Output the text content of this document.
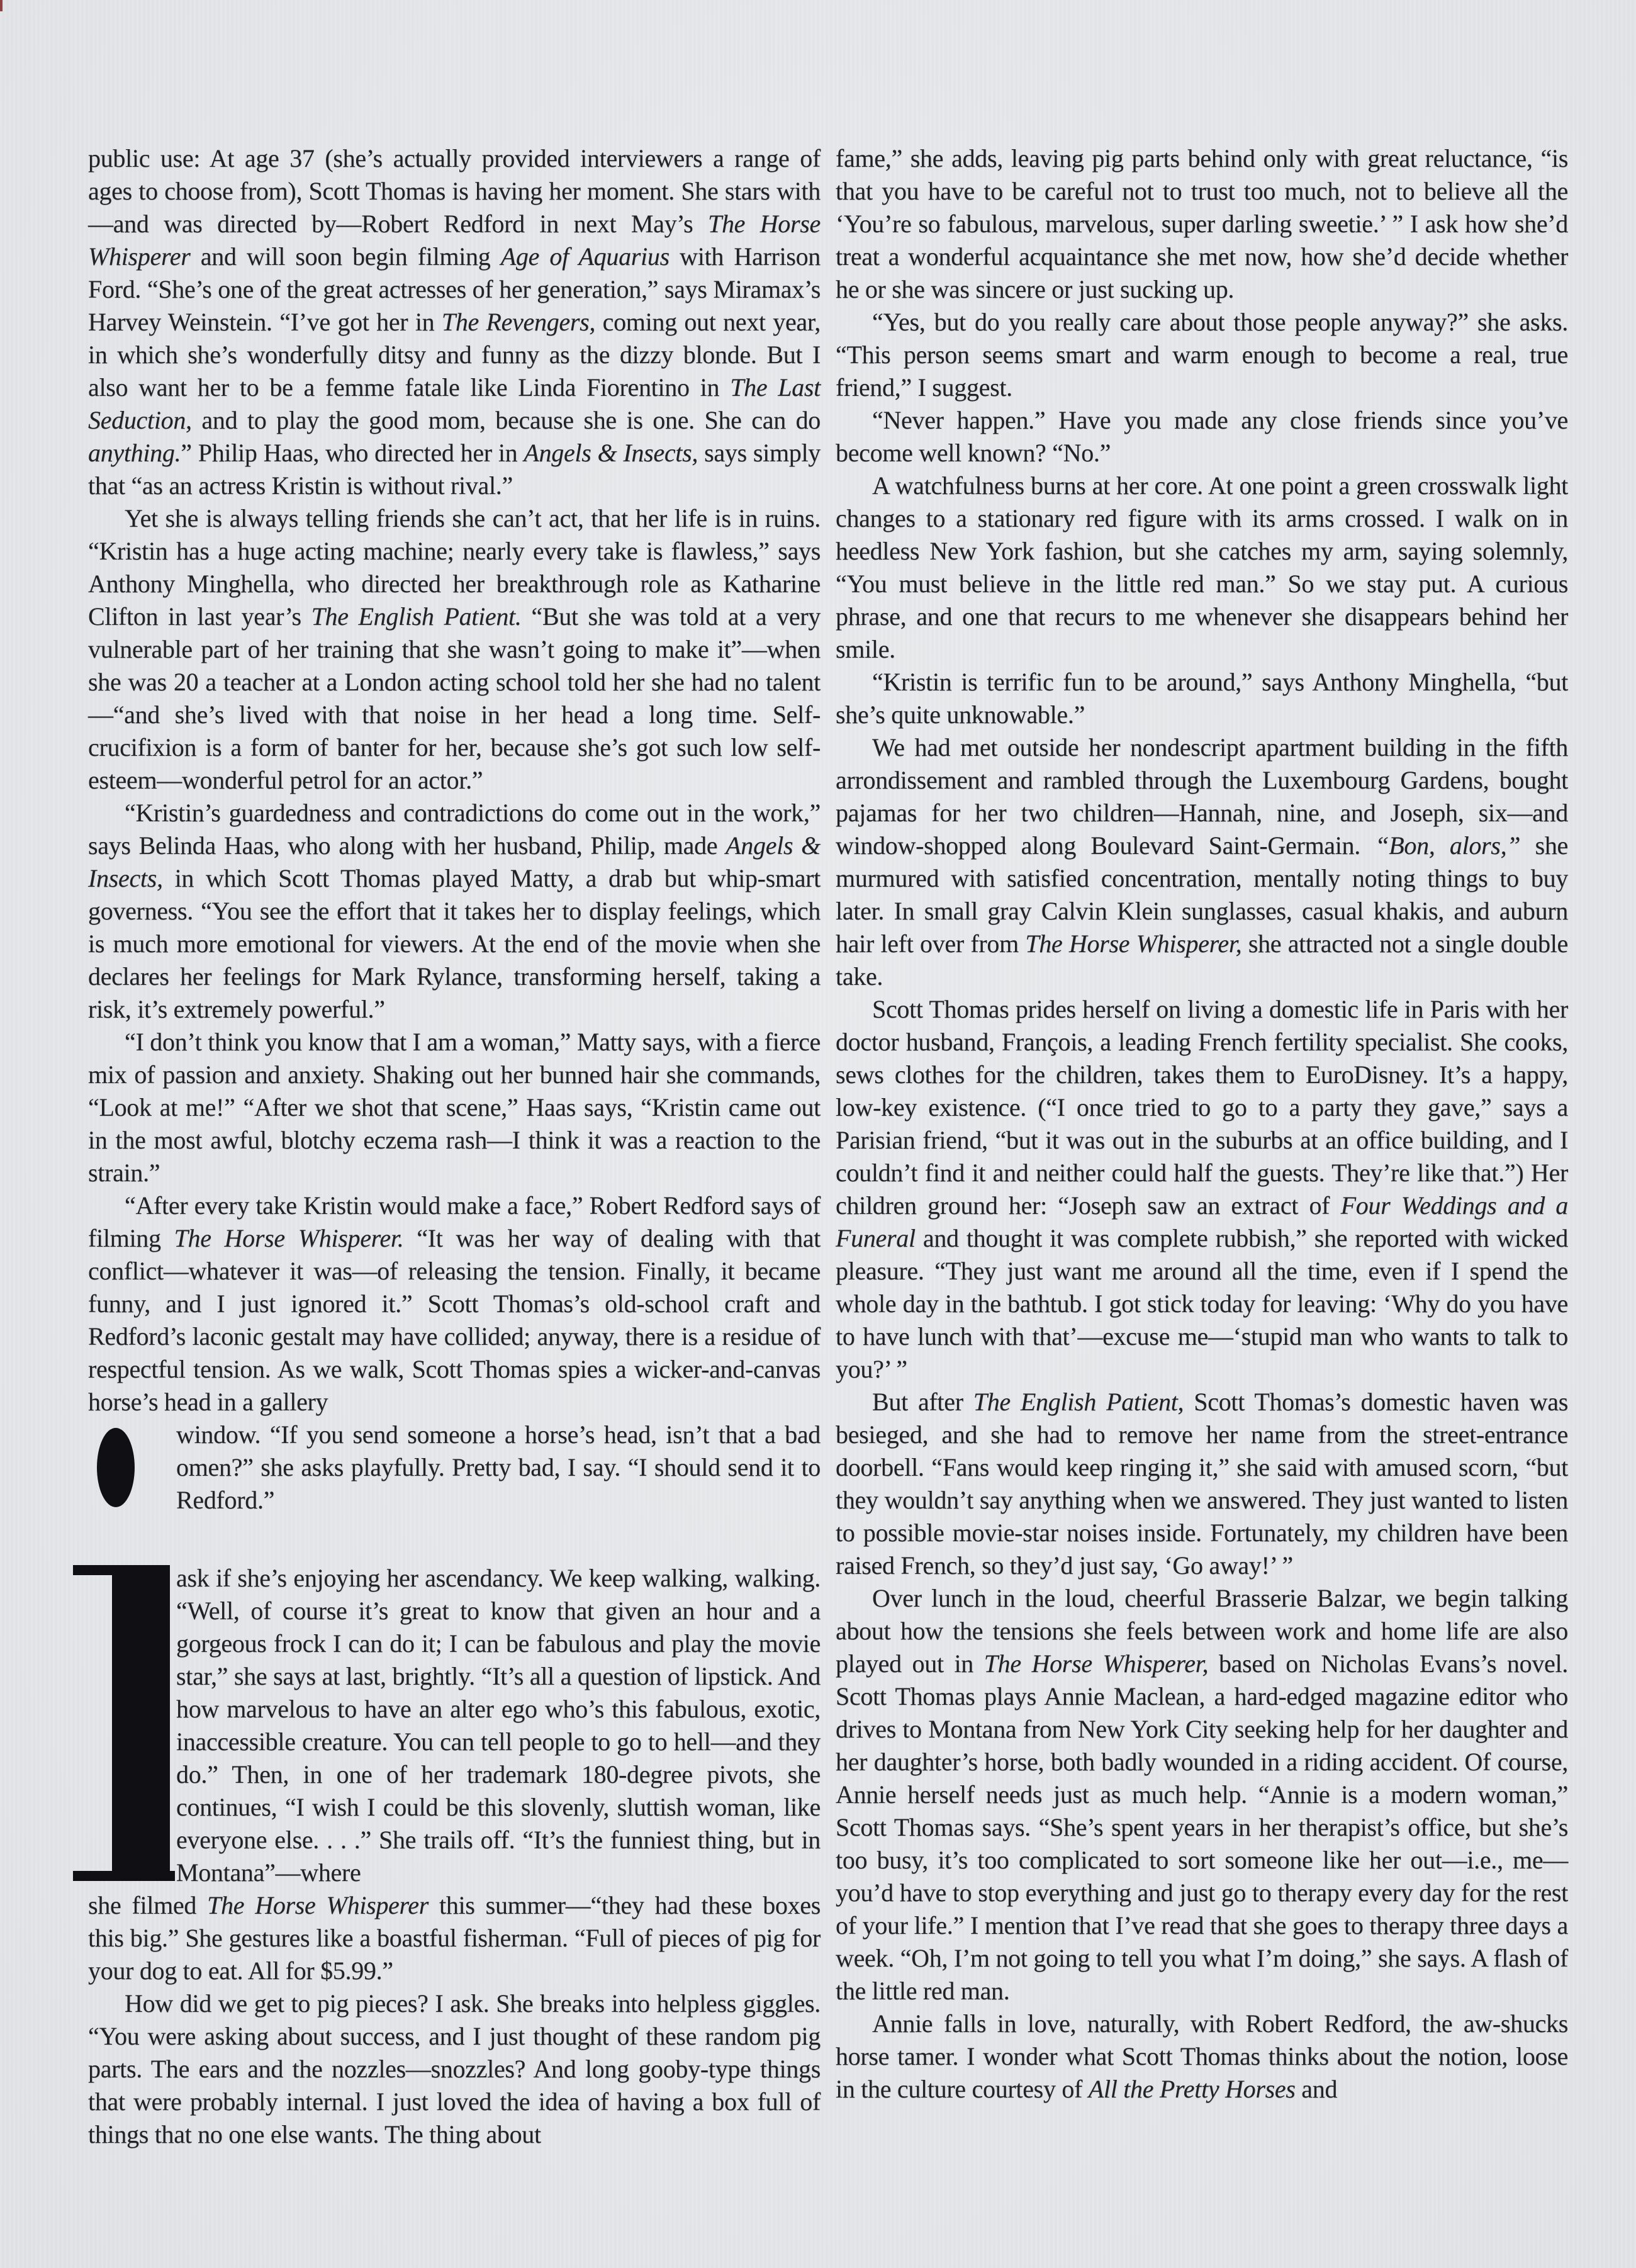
public use: At age 37 (she’s actually provided interviewers a range of ages to choose from), Scott Thomas is having her moment. She stars with—and was directed by—Robert Redford in next May’s The Horse Whisperer and will soon begin filming Age of Aquarius with Harrison Ford. “She’s one of the great actresses of her generation,” says Miramax’s Harvey Weinstein. “I’ve got her in The Revengers, coming out next year, in which she’s wonderfully ditsy and funny as the dizzy blonde. But I also want her to be a femme fatale like Linda Fiorentino in The Last Seduction, and to play the good mom, because she is one. She can do anything.” Philip Haas, who directed her in Angels & Insects, says simply that “as an actress Kristin is without rival.”

Yet she is always telling friends she can’t act, that her life is in ruins. “Kristin has a huge acting machine; nearly every take is flawless,” says Anthony Minghella, who directed her breakthrough role as Katharine Clifton in last year’s The English Patient. “But she was told at a very vulnerable part of her training that she wasn’t going to make it”—when she was 20 a teacher at a London acting school told her she had no talent—“and she’s lived with that noise in her head a long time. Self-crucifixion is a form of banter for her, because she’s got such low self-esteem—wonderful petrol for an actor.”

“Kristin’s guardedness and contradictions do come out in the work,” says Belinda Haas, who along with her husband, Philip, made Angels & Insects, in which Scott Thomas played Matty, a drab but whip-smart governess. “You see the effort that it takes her to display feelings, which is much more emotional for viewers. At the end of the movie when she declares her feelings for Mark Rylance, transforming herself, taking a risk, it’s extremely powerful.”

“I don’t think you know that I am a woman,” Matty says, with a fierce mix of passion and anxiety. Shaking out her bunned hair she commands, “Look at me!” “After we shot that scene,” Haas says, “Kristin came out in the most awful, blotchy eczema rash—I think it was a reaction to the strain.”

“After every take Kristin would make a face,” Robert Redford says of filming The Horse Whisperer. “It was her way of dealing with that conflict—whatever it was—of releasing the tension. Finally, it became funny, and I just ignored it.” Scott Thomas’s old-school craft and Redford’s laconic gestalt may have collided; anyway, there is a residue of respectful tension. As we walk, Scott Thomas spies a wicker-and-canvas horse’s head in a gallery

window. “If you send someone a horse’s head, isn’t that a bad omen?” she asks playfully. Pretty bad, I say. “I should send it to Redford.”

ask if she’s enjoying her ascendancy. We keep walking, walking. “Well, of course it’s great to know that given an hour and a gorgeous frock I can do it; I can be fabulous and play the movie star,” she says at last, brightly. “It’s all a question of lipstick. And how marvelous to have an alter ego who’s this fabulous, exotic, inaccessible creature. You can tell people to go to hell—and they do.” Then, in one of her trademark 180-degree pivots, she continues, “I wish I could be this slovenly, sluttish woman, like everyone else. . . .” She trails off. “It’s the funniest thing, but in Montana”—where

she filmed The Horse Whisperer this summer—“they had these boxes this big.” She gestures like a boastful fisherman. “Full of pieces of pig for your dog to eat. All for $5.99.”

How did we get to pig pieces? I ask. She breaks into helpless giggles. “You were asking about success, and I just thought of these random pig parts. The ears and the nozzles—snozzles? And long gooby-type things that were probably internal. I just loved the idea of having a box full of things that no one else wants. The thing about

fame,” she adds, leaving pig parts behind only with great reluctance, “is that you have to be careful not to trust too much, not to believe all the ‘You’re so fabulous, marvelous, super darling sweetie.’ ” I ask how she’d treat a wonderful acquaintance she met now, how she’d decide whether he or she was sincere or just sucking up.

“Yes, but do you really care about those people anyway?” she asks. “This person seems smart and warm enough to become a real, true friend,” I suggest.

“Never happen.” Have you made any close friends since you’ve become well known? “No.”

A watchfulness burns at her core. At one point a green crosswalk light changes to a stationary red figure with its arms crossed. I walk on in heedless New York fashion, but she catches my arm, saying solemnly, “You must believe in the little red man.” So we stay put. A curious phrase, and one that recurs to me whenever she disappears behind her smile.

“Kristin is terrific fun to be around,” says Anthony Minghella, “but she’s quite unknowable.”

We had met outside her nondescript apartment building in the fifth arrondissement and rambled through the Luxembourg Gardens, bought pajamas for her two children—Hannah, nine, and Joseph, six—and window-shopped along Boulevard Saint-Germain. “Bon, alors,” she murmured with satisfied concentration, mentally noting things to buy later. In small gray Calvin Klein sunglasses, casual khakis, and auburn hair left over from The Horse Whisperer, she attracted not a single double take.

Scott Thomas prides herself on living a domestic life in Paris with her doctor husband, François, a leading French fertility specialist. She cooks, sews clothes for the children, takes them to EuroDisney. It’s a happy, low-key existence. (“I once tried to go to a party they gave,” says a Parisian friend, “but it was out in the suburbs at an office building, and I couldn’t find it and neither could half the guests. They’re like that.”) Her children ground her: “Joseph saw an extract of Four Weddings and a Funeral and thought it was complete rubbish,” she reported with wicked pleasure. “They just want me around all the time, even if I spend the whole day in the bathtub. I got stick today for leaving: ‘Why do you have to have lunch with that’—excuse me—‘stupid man who wants to talk to you?’ ”

But after The English Patient, Scott Thomas’s domestic haven was besieged, and she had to remove her name from the street-entrance doorbell. “Fans would keep ringing it,” she said with amused scorn, “but they wouldn’t say anything when we answered. They just wanted to listen to possible movie-star noises inside. Fortunately, my children have been raised French, so they’d just say, ‘Go away!’ ”

Over lunch in the loud, cheerful Brasserie Balzar, we begin talking about how the tensions she feels between work and home life are also played out in The Horse Whisperer, based on Nicholas Evans’s novel. Scott Thomas plays Annie Maclean, a hard-edged magazine editor who drives to Montana from New York City seeking help for her daughter and her daughter’s horse, both badly wounded in a riding accident. Of course, Annie herself needs just as much help. “Annie is a modern woman,” Scott Thomas says. “She’s spent years in her therapist’s office, but she’s too busy, it’s too complicated to sort someone like her out—i.e., me—you’d have to stop everything and just go to therapy every day for the rest of your life.” I mention that I’ve read that she goes to therapy three days a week. “Oh, I’m not going to tell you what I’m doing,” she says. A flash of the little red man.

Annie falls in love, naturally, with Robert Redford, the aw-shucks horse tamer. I wonder what Scott Thomas thinks about the notion, loose in the culture courtesy of All the Pretty Horses and
